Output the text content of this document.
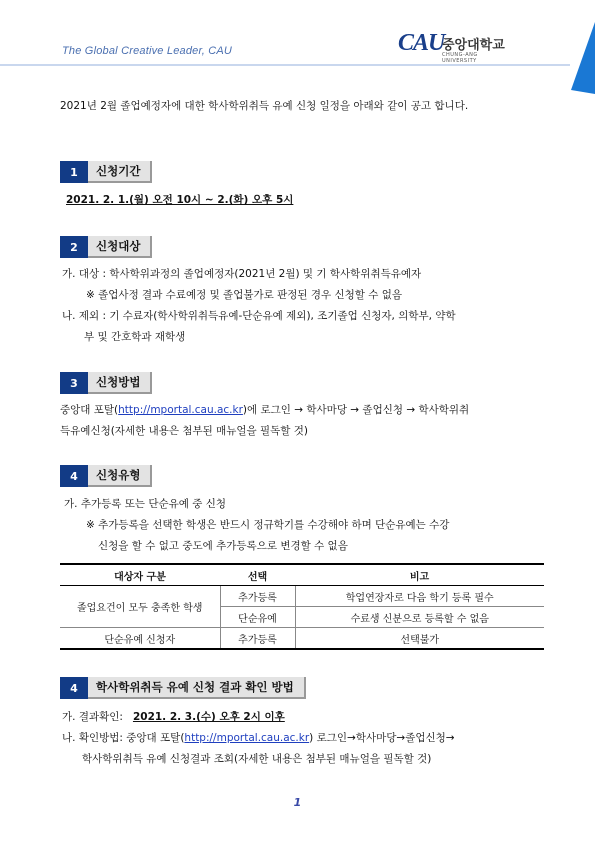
The Global Creative Leader, CAU	CAU
중앙대학교
CHUNG-ANG UNIVERSITY

2021년 2월 졸업예정자에 대한 학사학위취득 유예 신청 일정을 아래와 같이 공고 합니다.

1	신청기간
2021. 2. 1.(월) 오전 10시 ~ 2.(화) 오후 5시
2	신청대상

가. 대상 : 학사학위과정의 졸업예정자(2021년 2월) 및 기 학사학위취득유예자

※ 졸업사정 결과 수료예정 및 졸업불가로 판정된 경우 신청할 수 없음

나. 제외 : 기 수료자(학사학위취득유예-단순유예 제외), 조기졸업 신청자, 의학부, 약학

부 및 간호학과 재학생

3	신청방법

중앙대 포탈(http://mportal.cau.ac.kr)에 로그인 → 학사마당 → 졸업신청 → 학사학위취

득유예신청(자세한 내용은 첨부된 매뉴얼을 필독할 것)

4	신청유형

가. 추가등록 또는 단순유예 중 신청

※ 추가등록을 선택한 학생은 반드시 정규학기를 수강해야 하며 단순유예는 수강

신청을 할 수 없고 중도에 추가등록으로 변경할 수 없음

대상자 구분	선택	비고
졸업요건이 모두 충족한 학생	추가등록	학업연장자로 다음 학기 등록 필수
	단순유예	수료생 신분으로 등록할 수 없음
단순유예 신청자	추가등록	선택불가
4	학사학위취득 유예 신청 결과 확인 방법

가. 결과확인:   2021. 2. 3.(수) 오후 2시 이후

나. 확인방법: 중앙대 포탈(http://mportal.cau.ac.kr) 로그인→학사마당→졸업신청→

학사학위취득 유예 신청결과 조회(자세한 내용은 첨부된 매뉴얼을 필독할 것)

1
